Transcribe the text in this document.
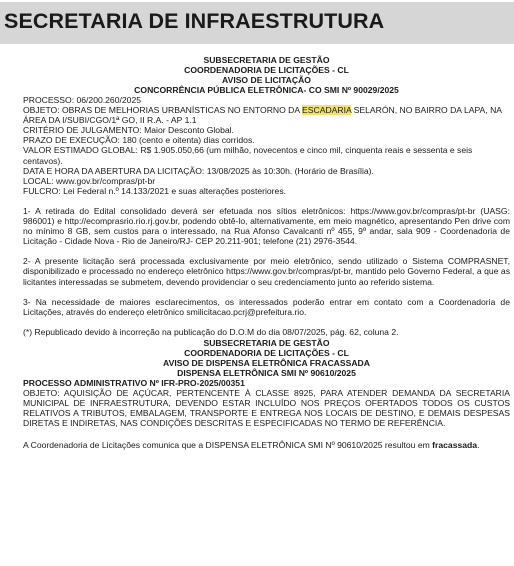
SECRETARIA DE INFRAESTRUTURA
SUBSECRETARIA DE GESTÃO
COORDENADORIA DE LICITAÇÕES - CL
AVISO DE LICITAÇÃO
CONCORRÊNCIA PÚBLICA ELETRÔNICA- CO SMI Nº 90029/2025

PROCESSO: 06/200.260/2025

OBJETO: OBRAS DE MELHORIAS URBANÍSTICAS NO ENTORNO DA ESCADARIA SELARÓN, NO BAIRRO DA LAPA, NA ÁREA DA I/SUBI/CGO/1ª GO, II R.A. - AP 1.1

CRITÉRIO DE JULGAMENTO: Maior Desconto Global.

PRAZO DE EXECUÇÃO: 180 (cento e oitenta) dias corridos.

VALOR ESTIMADO GLOBAL: R$ 1.905.050,66 (um milhão, novecentos e cinco mil, cinquenta reais e sessenta e seis centavos).

DATA E HORA DA ABERTURA DA LICITAÇÃO: 13/08/2025 às 10:30h. (Horário de Brasília).

LOCAL: www.gov.br/compras/pt-br

FULCRO: Lei Federal n.º 14.133/2021 e suas alterações posteriores.

1- A retirada do Edital consolidado deverá ser efetuada nos sítios eletrônicos: https://www.gov.br/compras/pt-br (UASG: 986001) e http://ecomprasrio.rio.rj.gov.br, podendo obtê-lo, alternativamente, em meio magnético, apresentando Pen drive com no mínimo 8 GB, sem custos para o interessado, na Rua Afonso Cavalcanti nº 455, 9º andar, sala 909 - Coordenadoria de Licitação - Cidade Nova - Rio de Janeiro/RJ- CEP 20.211-901; telefone (21) 2976-3544.

2- A presente licitação será processada exclusivamente por meio eletrônico, sendo utilizado o Sistema COMPRASNET, disponibilizado e processado no endereço eletrônico https://www.gov.br/compras/pt-br, mantido pelo Governo Federal, a que as licitantes interessadas se submetem, devendo providenciar o seu credenciamento junto ao referido sistema.

3- Na necessidade de maiores esclarecimentos, os interessados poderão entrar em contato com a Coordenadoria de Licitações, através do endereço eletrônico smilicitacao.pcrj@prefeitura.rio.

(*) Republicado devido à incorreção na publicação do D.O.M do dia 08/07/2025, pág. 62, coluna 2.

SUBSECRETARIA DE GESTÃO
COORDENADORIA DE LICITAÇÕES - CL
AVISO DE DISPENSA ELETRÔNICA FRACASSADA
DISPENSA ELETRÔNICA SMI Nº 90610/2025

PROCESSO ADMINISTRATIVO Nº IFR-PRO-2025/00351

OBJETO: AQUISIÇÃO DE AÇÚCAR, PERTENCENTE À CLASSE 8925, PARA ATENDER DEMANDA DA SECRETARIA MUNICIPAL DE INFRAESTRUTURA, DEVENDO ESTAR INCLUÍDO NOS PREÇOS OFERTADOS TODOS OS CUSTOS RELATIVOS A TRIBUTOS, EMBALAGEM, TRANSPORTE E ENTREGA NOS LOCAIS DE DESTINO, E DEMAIS DESPESAS DIRETAS E INDIRETAS, NAS CONDIÇÕES DESCRITAS E ESPECIFICADAS NO TERMO DE REFERÊNCIA.

A Coordenadoria de Licitações comunica que a DISPENSA ELETRÔNICA SMI Nº 90610/2025 resultou em fracassada.
